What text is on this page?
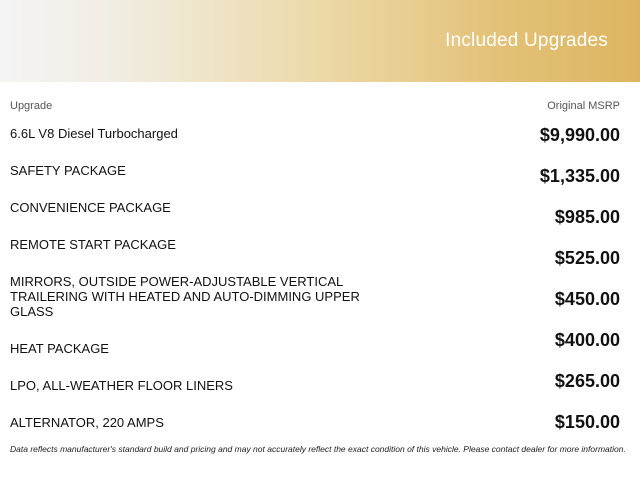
Included Upgrades
Upgrade	Original MSRP
6.6L V8 Diesel Turbocharged
SAFETY PACKAGE
CONVENIENCE PACKAGE
REMOTE START PACKAGE
MIRRORS, OUTSIDE POWER-ADJUSTABLE VERTICAL TRAILERING WITH HEATED AND AUTO-DIMMING UPPER GLASS
HEAT PACKAGE
LPO, ALL-WEATHER FLOOR LINERS
ALTERNATOR, 220 AMPS
$9,990.00
$1,335.00
$985.00
$525.00
$450.00
$400.00
$265.00
$150.00
Data reflects manufacturer's standard build and pricing and may not accurately reflect the exact condition of this vehicle. Please contact dealer for more information.
